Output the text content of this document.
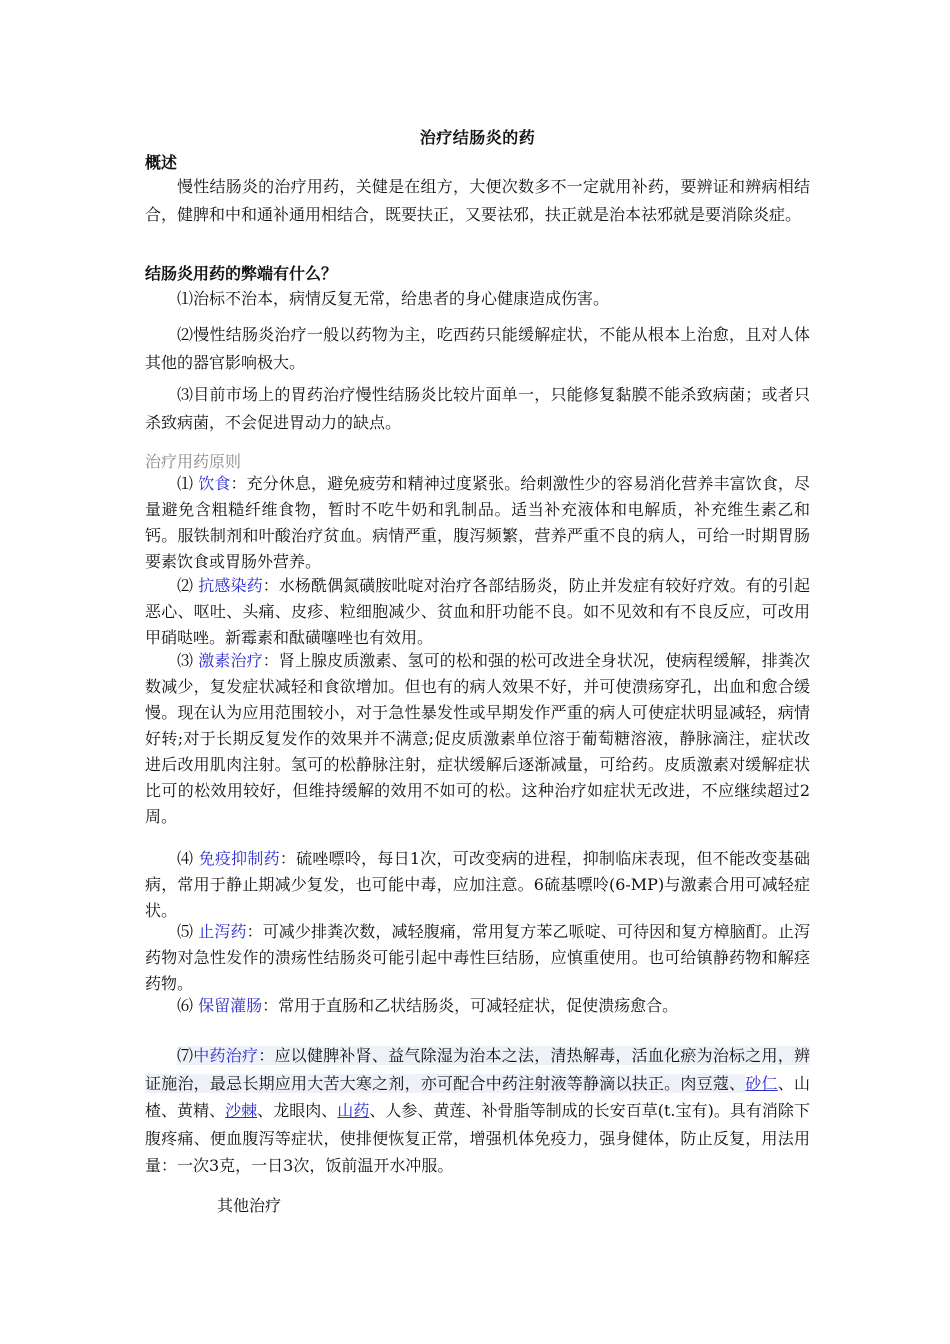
治疗结肠炎的药
概述
慢性结肠炎的治疗用药，关健是在组方，大便次数多不一定就用补药，要辨证和辨病相结合，健脾和中和通补通用相结合，既要扶正，又要祛邪，扶正就是治本祛邪就是要消除炎症。
结肠炎用药的弊端有什么？
⑴治标不治本，病情反复无常，给患者的身心健康造成伤害。
⑵慢性结肠炎治疗一般以药物为主，吃西药只能缓解症状，不能从根本上治愈，且对人体其他的器官影响极大。
⑶目前市场上的胃药治疗慢性结肠炎比较片面单一，只能修复黏膜不能杀致病菌；或者只杀致病菌，不会促进胃动力的缺点。
治疗用药原则
⑴ 饮食：充分休息，避免疲劳和精神过度紧张。给刺激性少的容易消化营养丰富饮食，尽量避免含粗糙纤维食物，暂时不吃牛奶和乳制品。适当补充液体和电解质，补充维生素乙和钙。服铁制剂和叶酸治疗贫血。病情严重，腹泻频繁，营养严重不良的病人，可给一时期胃肠要素饮食或胃肠外营养。
⑵ 抗感染药：水杨酰偶氮磺胺吡啶对治疗各部结肠炎，防止并发症有较好疗效。有的引起恶心、呕吐、头痛、皮疹、粒细胞减少、贫血和肝功能不良。如不见效和有不良反应，可改用甲硝哒唑。新霉素和酞磺噻唑也有效用。
⑶ 激素治疗：肾上腺皮质激素、氢可的松和强的松可改进全身状况，使病程缓解，排粪次数减少，复发症状减轻和食欲增加。但也有的病人效果不好，并可使溃疡穿孔，出血和愈合缓慢。现在认为应用范围较小，对于急性暴发性或早期发作严重的病人可使症状明显减轻，病情好转;对于长期反复发作的效果并不满意;促皮质激素单位溶于葡萄糖溶液，静脉滴注，症状改进后改用肌肉注射。氢可的松静脉注射，症状缓解后逐渐减量，可给药。皮质激素对缓解症状比可的松效用较好，但维持缓解的效用不如可的松。这种治疗如症状无改进，不应继续超过2周。
⑷ 免疫抑制药：硫唑嘌呤，每日1次，可改变病的进程，抑制临床表现，但不能改变基础病，常用于静止期减少复发，也可能中毒，应加注意。6硫基嘌呤(6-MP)与激素合用可减轻症状。
⑸ 止泻药：可减少排粪次数，减轻腹痛，常用复方苯乙哌啶、可待因和复方樟脑酊。止泻药物对急性发作的溃疡性结肠炎可能引起中毒性巨结肠，应慎重使用。也可给镇静药物和解痉药物。
⑹ 保留灌肠：常用于直肠和乙状结肠炎，可减轻症状，促使溃疡愈合。
⑺中药治疗：应以健脾补肾、益气除湿为治本之法，清热解毒，活血化瘀为治标之用，辨证施治，最忌长期应用大苦大寒之剂，亦可配合中药注射液等静滴以扶正。肉豆蔻、砂仁、山楂、黄精、沙棘、龙眼肉、山药、人参、黄莲、补骨脂等制成的长安百草(t.宝有)。具有消除下腹疼痛、便血腹泻等症状，使排便恢复正常，增强机体免疫力，强身健体，防止反复，用法用量：一次3克，一日3次，饭前温开水冲服。
其他治疗
